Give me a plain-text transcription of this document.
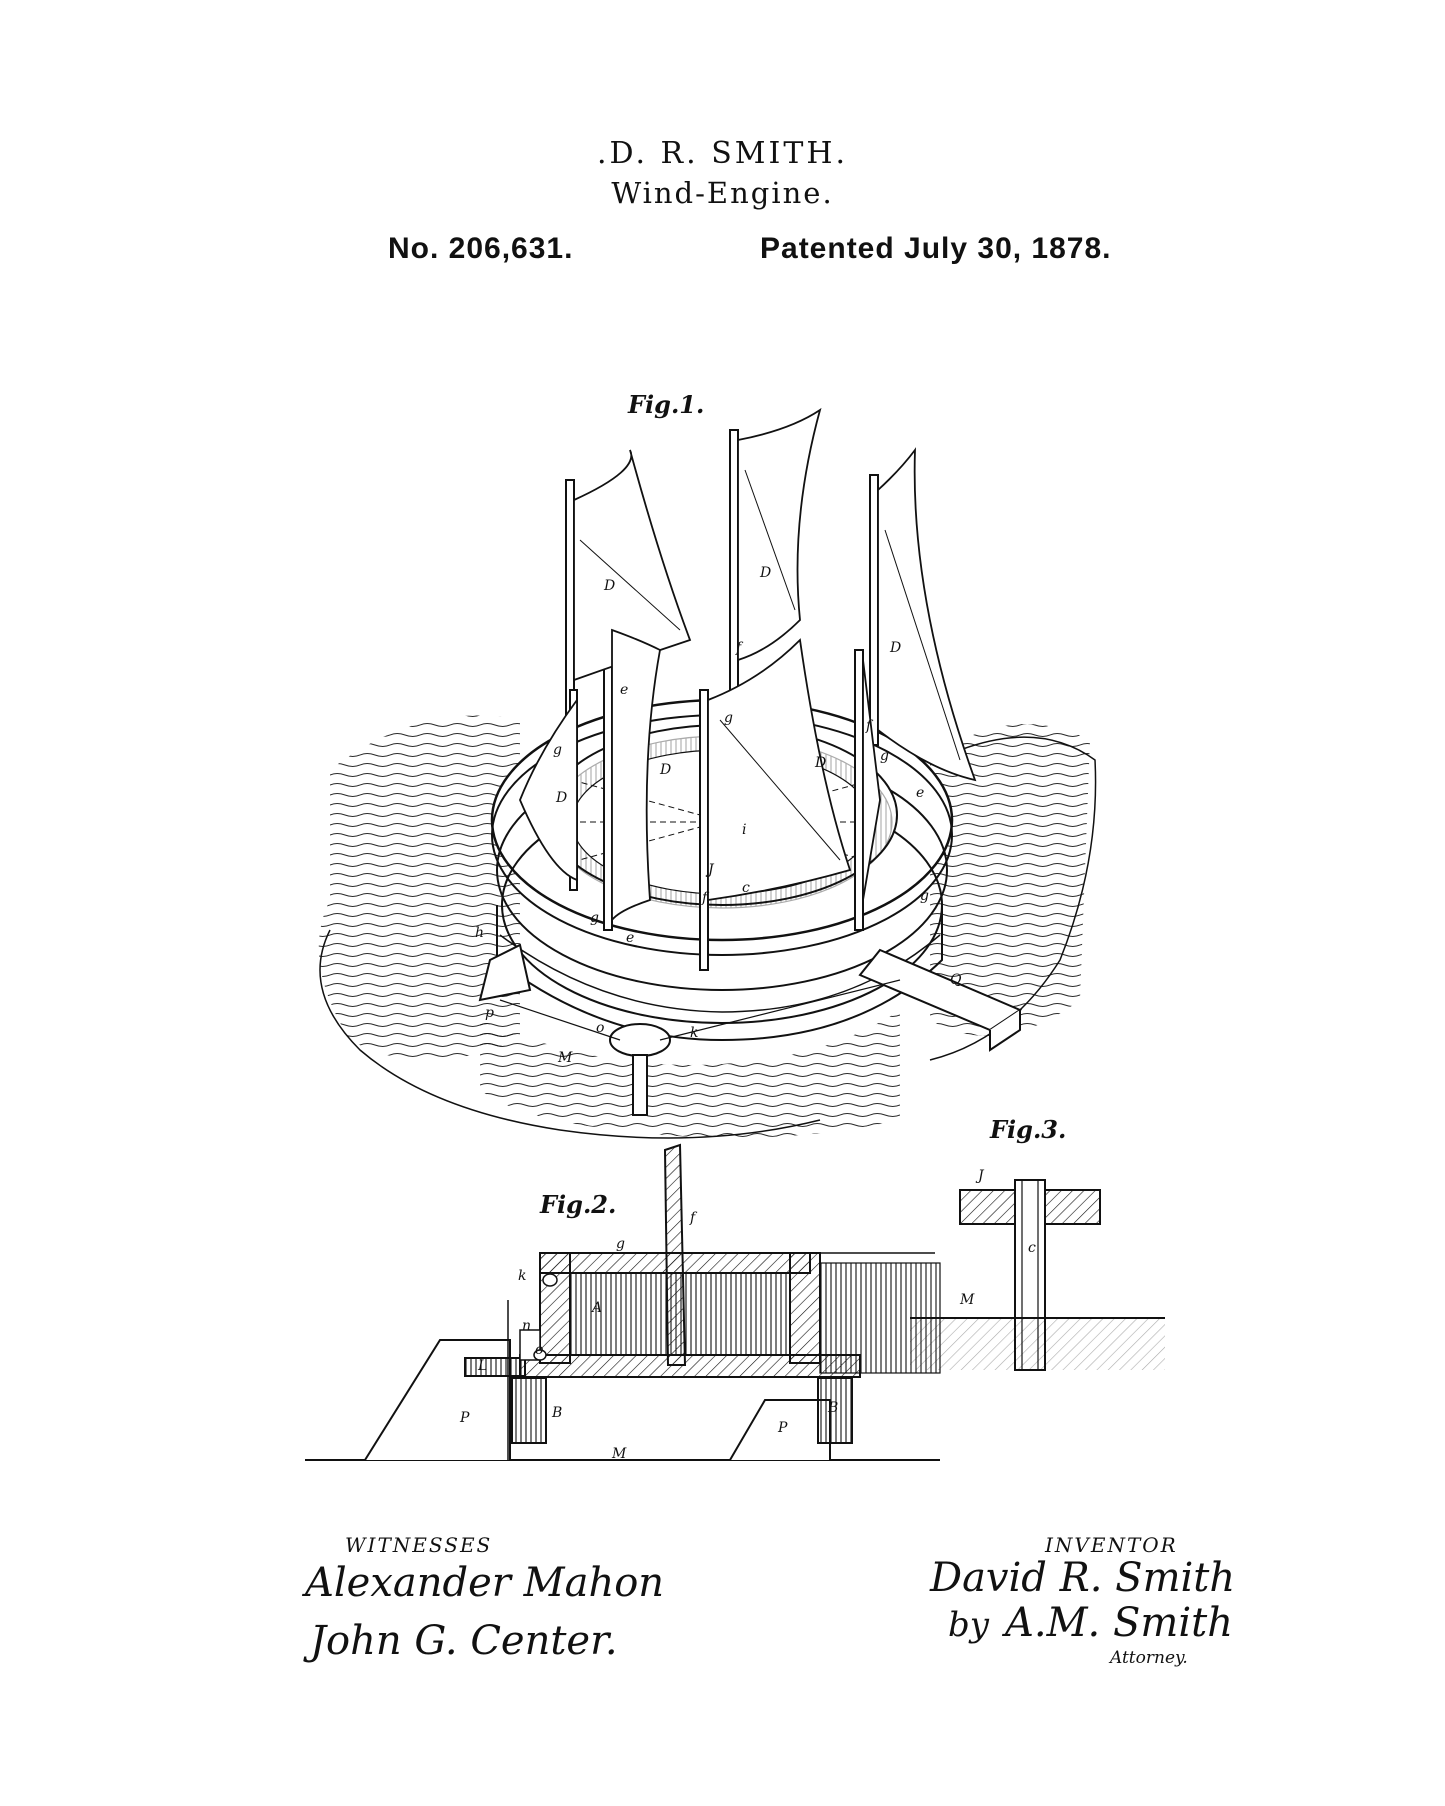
.D. R. SMITH.
Wind-Engine.
No. 206,631.	Patented July 30, 1878.
Fig.1.
Fig.2.
Fig.3.
D
D
D
D	D
D
f
f
f
g
g
g
g
g
e
e
e
J
i
c
h
k
p
o
M
Q
f
g
k
n
o
A
L
B	B
P
P
M
J
c
M
WITNESSES
Alexander Mahon
John G. Center.
INVENTOR
David R. Smith
by A.M. Smith
Attorney.
